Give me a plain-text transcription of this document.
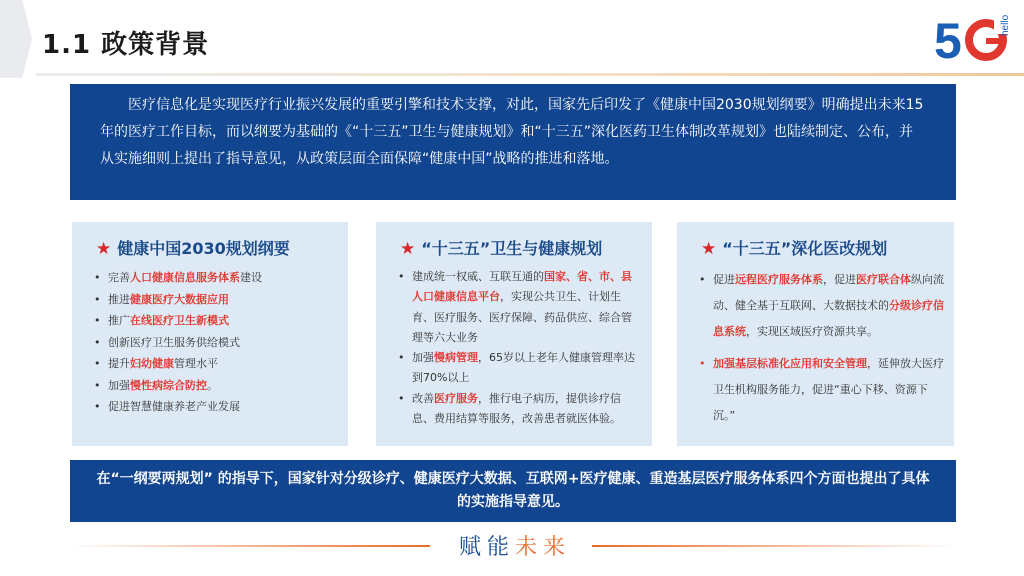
1.1 政策背景	5	hello

医疗信息化是实现医疗行业振兴发展的重要引擎和技术支撑，对此，国家先后印发了《健康中国2030规划纲要》明确提出未来15年的医疗工作目标，而以纲要为基础的《“十三五”卫生与健康规划》和“十三五”深化医药卫生体制改革规划》也陆续制定、公布，并从实施细则上提出了指导意见，从政策层面全面保障“健康中国”战略的推进和落地。

★ 健康中国2030规划纲要
• 完善人口健康信息服务体系建设
• 推进健康医疗大数据应用
• 推广在线医疗卫生新模式
• 创新医疗卫生服务供给模式
• 提升妇幼健康管理水平
• 加强慢性病综合防控。
• 促进智慧健康养老产业发展
★ “十三五”卫生与健康规划
• 建成统一权威、互联互通的国家、省、市、县人口健康信息平台，实现公共卫生、计划生育、医疗服务、医疗保障、药品供应、综合管理等六大业务
• 加强慢病管理，65岁以上老年人健康管理率达到70%以上
• 改善医疗服务，推行电子病历，提供诊疗信息、费用结算等服务，改善患者就医体验。
★ “十三五”深化医改规划
• 促进远程医疗服务体系，促进医疗联合体纵向流动、健全基于互联网、大数据技术的分级诊疗信息系统，实现区域医疗资源共享。
• 加强基层标准化应用和安全管理，延伸放大医疗卫生机构服务能力，促进“重心下移、资源下沉。”
在“一纲要两规划” 的指导下，国家针对分级诊疗、健康医疗大数据、互联网+医疗健康、重造基层医疗服务体系四个方面也提出了具体的实施指导意见。
赋能未来
